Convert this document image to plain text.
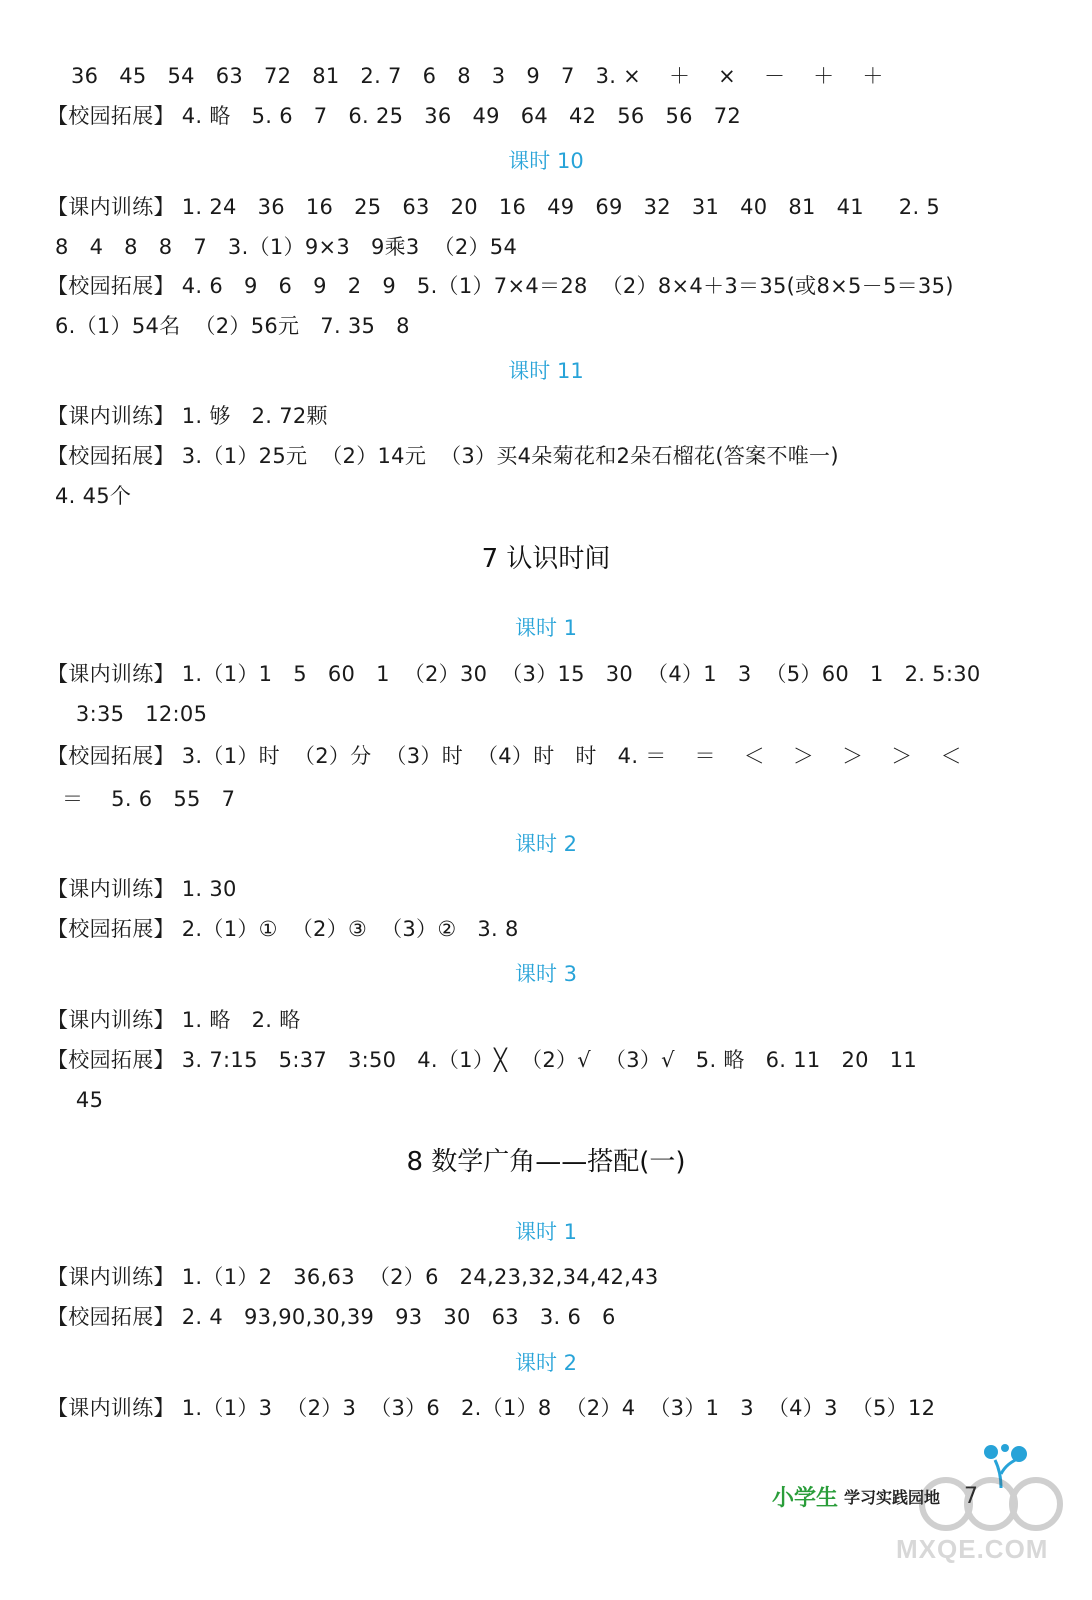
36   45   54   63   72   81   2. 7   6   8   3   9   7   3. ×    ＋    ×    －    ＋    ＋
【校园拓展】 4. 略   5. 6   7   6. 25   36   49   64   42   56   56   72
课时 10
【课内训练】 1. 24   36   16   25   63   20   16   49   69   32   31   40   81   41     2. 5
8   4   8   8   7   3.（1）9×3   9乘3  （2）54
【校园拓展】 4. 6   9   6   9   2   9   5.（1）7×4＝28  （2）8×4＋3＝35(或8×5－5＝35)
6.（1）54名  （2）56元   7. 35   8
课时 11
【课内训练】 1. 够   2. 72颗
【校园拓展】 3.（1）25元  （2）14元  （3）买4朵菊花和2朵石榴花(答案不唯一)
4. 45个
7 认识时间
课时 1
【课内训练】 1.（1）1   5   60   1  （2）30  （3）15   30  （4）1   3  （5）60   1   2. 5:30
3:35   12:05
【校园拓展】 3.（1）时  （2）分  （3）时  （4）时   时   4. ＝    ＝    ＜    ＞    ＞    ＞    ＜
＝    5. 6   55   7
课时 2
【课内训练】 1. 30
【校园拓展】 2.（1）①  （2）③  （3）②   3. 8
课时 3
【课内训练】 1. 略   2. 略
【校园拓展】 3. 7:15   5:37   3:50   4.（1）╳  （2）√  （3）√   5. 略   6. 11   20   11
45
8 数学广角——搭配(一)
课时 1
【课内训练】 1.（1）2   36,63  （2）6   24,23,32,34,42,43
【校园拓展】 2. 4   93,90,30,39   93   30   63   3. 6   6
课时 2
【课内训练】 1.（1）3  （2）3  （3）6   2.（1）8  （2）4  （3）1   3  （4）3  （5）12
小学生 学习实践园地 7
MXQE.COM
